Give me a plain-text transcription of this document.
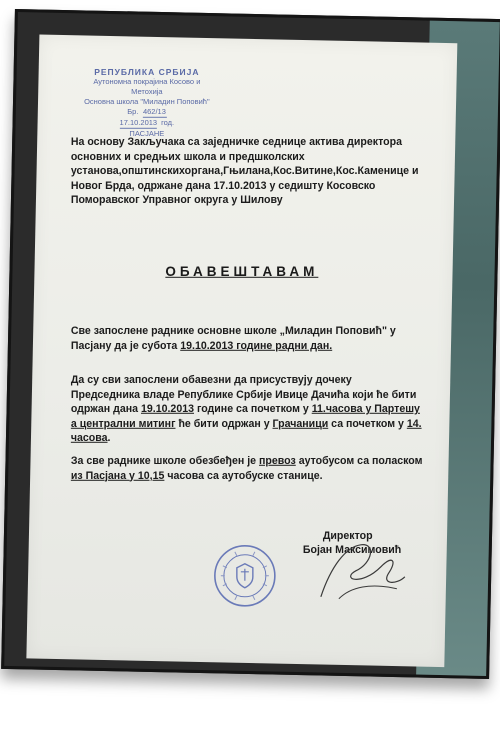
РЕПУБЛИКА СРБИЈА
Аутономна покрајина Косово и Метохија
Основна школа "Миладин Поповић"
Бр. 462/13
17.10.2013 год.
ПАСЈАНЕ
На основу Закључака са заједничке седнице актива директора основних и средњих школа и предшколских установа,општинскихоргана,Гњилана,Кос.Витине,Кос.Каменице и Новог Брда, одржане дана 17.10.2013 у седишту Косовско Поморавског Управног округа у Шилову
ОБАВЕШТАВАМ
Све запослене раднике основне школе „Миладин Поповић" у Пасјану да је субота 19.10.2013 године радни дан.
Да су сви запослени обавезни да присуствују дочеку Председника владе Републике Србије Ивице Дачића који ће бити одржан дана 19.10.2013 године са почетком у 11.часова у Партешу а централни митинг ће бити одржан у Грачаници са почетком у 14. часова.
За све раднике школе обезбеђен је превоз аутобусом са поласком из Пасјана у 10,15 часова са аутобуске станице.
Директор
Бојан Максимовић
